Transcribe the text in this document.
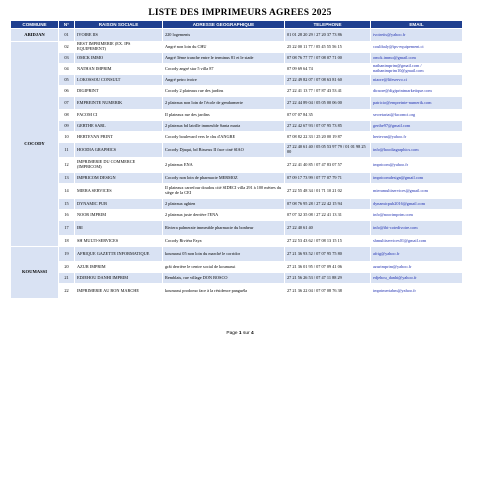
LISTE DES IMPRIMEURS AGREES 2025
COMMUNE	N°	RAISON SOCIALE	ADRESSE GEOGRAPHIQUE	TELEPHONE	EMAIL
ABIDJAN	01	IVOIRE IIS	220 logements	01 01 28 20 29 / 27 20 37 73 86	ivoireiis@yahoo.fr
COCODY	02	BEST IMPRIMERIE (EX. IPS EQUIPEMENT)	Angré non loin du CHU	25 22 00 11 77 / 05 45 55 56 15	coulibaly@ips-equipement.ci
	03	OMCK IMMO	Angré 3ème tranche entre le terminus 81 et le stade	07 08 76 77 77 / 07 08 07 71 00	omck.immo@gmail.com
	04	NATHAN IMPRIM	Cocody angré star 5 villa 87	07 09 69 64 74	nathanimprim@gmail.com / nathanimprim10@gmail.com
	05	LOKOSSOU CONSULT	Angré petro ivoire	27 22 49 82 07 / 07 08 63 81 60	niaore@lifeservo.ci
	06	DIGIPRINT	Cocody 2 plateaux rue des jardins	27 22 41 13 77 / 07 87 43 53 41	dtraore@digiprintmarketique.com
	07	EMPREINTE NUMERIK	2 plateaux non loin de l'école de gendarmerie	27 22 44 89 04 / 05 05 00 06 00	patricio@empreinte-numerik.com
	08	FACOM CI	II plateaux rue des jardins	07 07 07 84 35	secretariat@facomci.org
	09	GERTHE SARL	2 plateaux bd latrille immeuble Santa maria	27 22 42 67 93 / 07 07 95 73 85	gerthe97@gmail.com
	10	HERTEVAN PRINT	Cocody boulevard vers le chu d'ANGRE	07 08 82 22 33 / 25 20 00 19 87	hertevan@yahoo.fr
	11	HOODIA GRAPHICS	Cocody Djaqui, bd Bisseux II face ciné SIAO	27 22 40 61 40 / 05 05 53 97 79 / 01 01 98 25 00	info@hoodiagraphics.com
	12	IMPRIMERIE DU COMMERCE (IMPRICOM)	2 plateaux ENA	27 22 41 40 85 / 07 47 83 07 57	impricom@yahoo.fr
	13	IMPRICOM DESIGN	Cocody non loin de pharmacie MERMOZ	07 09 17 73 99 / 07 77 07 79 71	impricomdesign@gmail.com
	14	MIERA SERVICES	II plateaux carrefour doudou cité SIDECI villa 291 à 100 mètres du siège de la CEI	27 22 55 48 34 / 01 71 10 21 02	mieramultiservices@gmail.com
	15	DYNAMIC PUB	2 plateaux aghien	07 08 76 95 28 / 27 22 42 15 94	dynamicpub2016@gmail.com
	16	NOOR IMPRIM	2 plateaux juste derrière l'ENA	07 07 32 35 08 / 27 22 41 13 31	info@noorimprim.com
	17	IBI	Riviera palmeraie immeuble pharmacie du bonheur	27 22 40 61 40	info@ibi-cotedivoire.com
	18	SH MULTI-SERVICES	Cocody Riviéra Faya	27 22 53 43 62 / 07 08 13 15 15	shmultiservices01@gmail.com
KOUMASSI	19	AFRIQUE GAZETTE INFORMATIQUE	koumassi 05 non loin du marché le corridor	27 21 36 93 52 / 07 07 95 75 80	afrig@yahoo.fr
	20	AZUR IMPRIM	grâi derrière le centre social de koumassi	27 21 36 01 95 / 07 07 09 41 06	azurimprim@yahoo.fr
	21	EDJEHOU DANHI IMPRIM	Remblais, rue village DON BOSCO	27 21 56 26 53 / 07 47 11 88 29	edjehou_danhi@yahoo.fr
	22	IMPRIMERIE AU BON MARCHE	koumassi prodomo face à la résidence panguéla	27 21 36 22 04 / 07 07 08 76 38	imprimeriabm@yahoo.fr
Page 1 sur 4
